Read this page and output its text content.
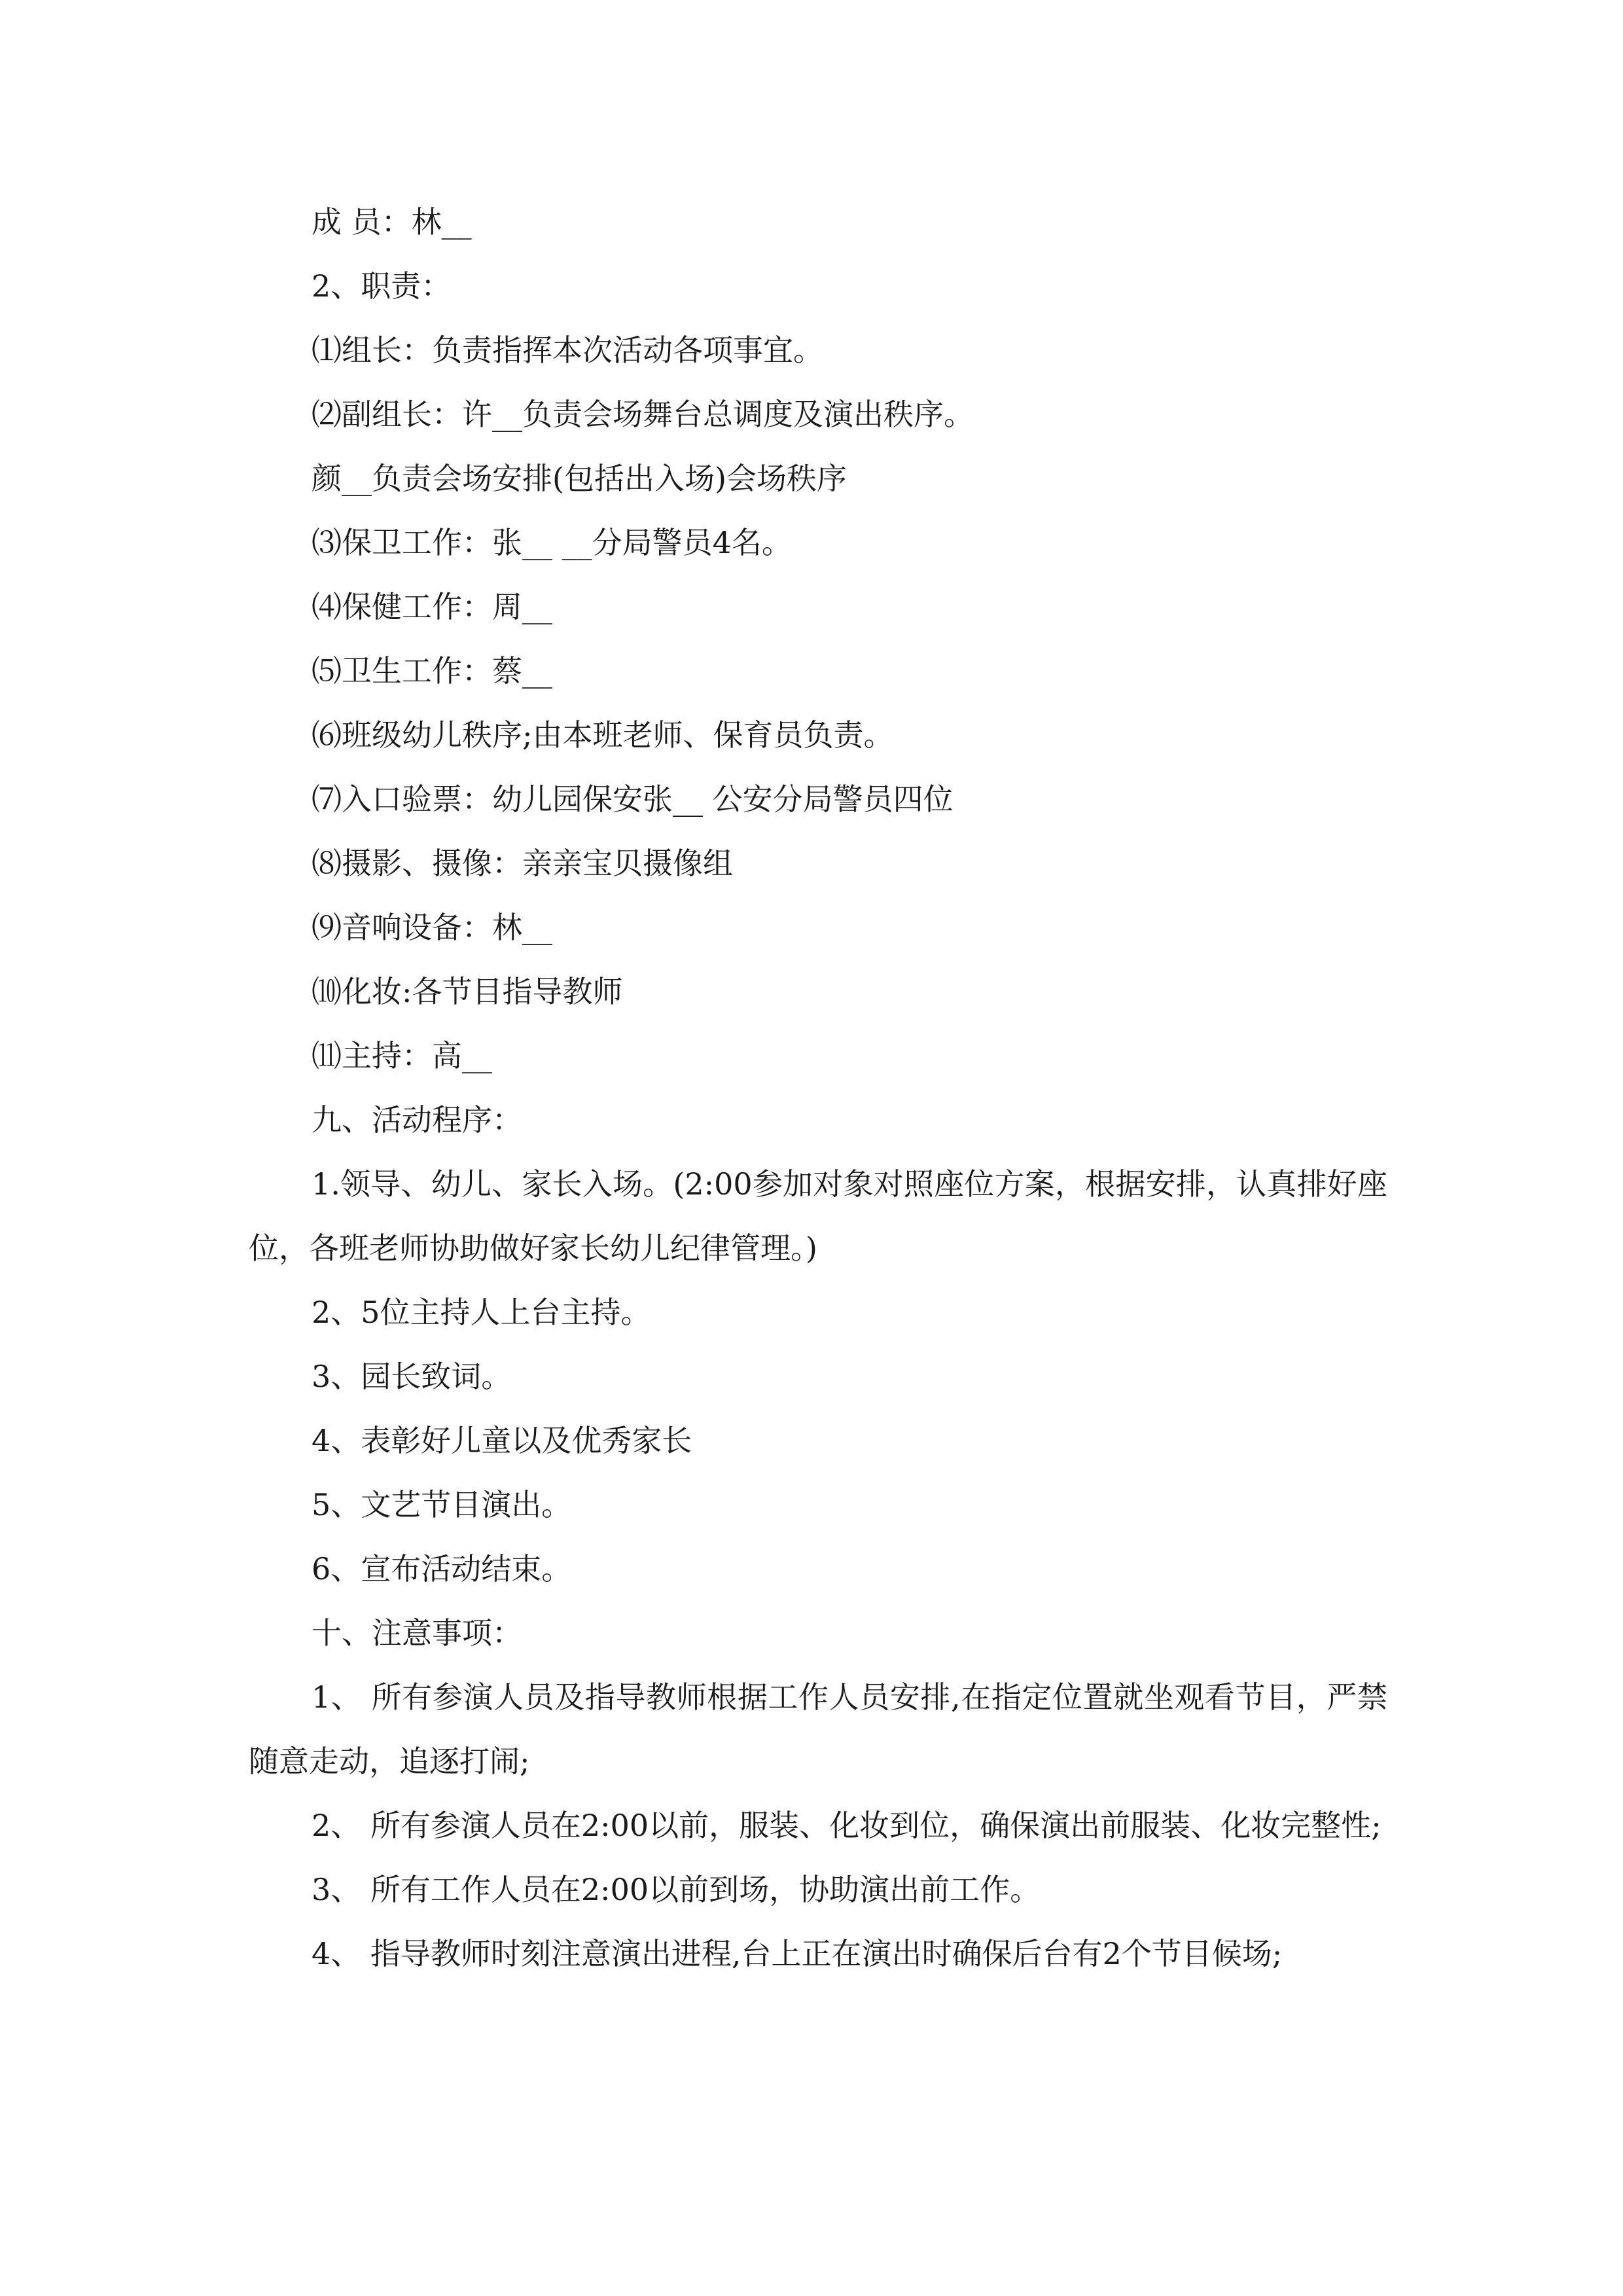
成 员：林__

2、职责：

⑴组长：负责指挥本次活动各项事宜。

⑵副组长：许__负责会场舞台总调度及演出秩序。

颜__负责会场安排(包括出入场)会场秩序

⑶保卫工作：张__ __分局警员4名。

⑷保健工作：周__

⑸卫生工作：蔡__

⑹班级幼儿秩序;由本班老师、保育员负责。

⑺入口验票：幼儿园保安张__ 公安分局警员四位

⑻摄影、摄像：亲亲宝贝摄像组

⑼音响设备：林__

⑽化妆:各节目指导教师

⑾主持：高__

九、活动程序：

1.领导、幼儿、家长入场。(2:00参加对象对照座位方案，根据安排，认真排好座位，各班老师协助做好家长幼儿纪律管理。)

2、5位主持人上台主持。

3、园长致词。

4、表彰好儿童以及优秀家长

5、文艺节目演出。

6、宣布活动结束。

十、注意事项：

1、 所有参演人员及指导教师根据工作人员安排,在指定位置就坐观看节目，严禁随意走动，追逐打闹;

2、 所有参演人员在2:00以前，服装、化妆到位，确保演出前服装、化妆完整性;

3、 所有工作人员在2:00以前到场，协助演出前工作。

4、 指导教师时刻注意演出进程,台上正在演出时确保后台有2个节目候场;
